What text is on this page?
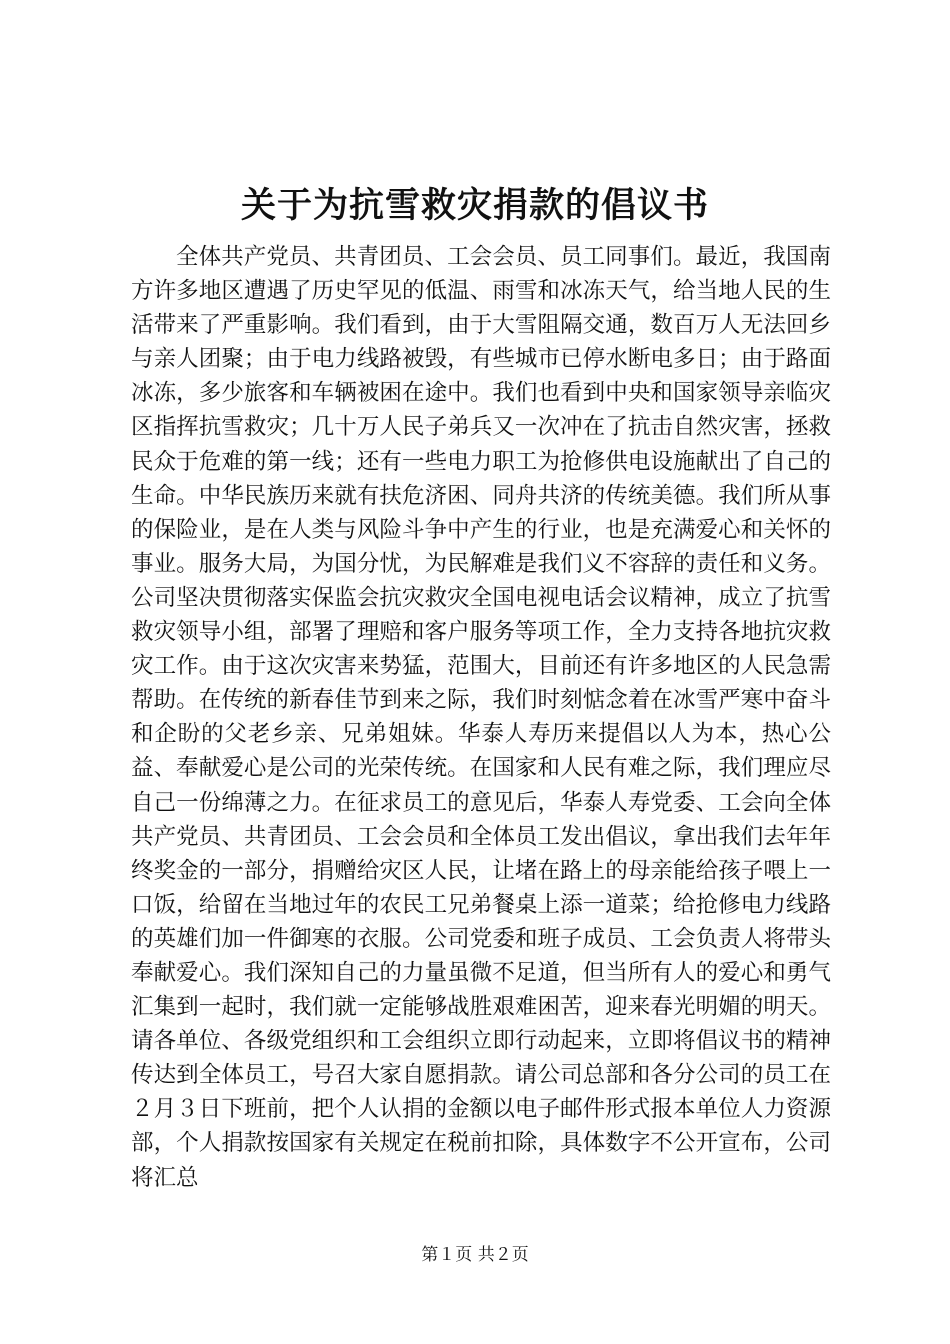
关于为抗雪救灾捐款的倡议书

全体共产党员、共青团员、工会会员、员工同事们。最近，我国南方许多地区遭遇了历史罕见的低温、雨雪和冰冻天气，给当地人民的生活带来了严重影响。我们看到，由于大雪阻隔交通，数百万人无法回乡与亲人团聚；由于电力线路被毁，有些城市已停水断电多日；由于路面冰冻，多少旅客和车辆被困在途中。我们也看到中央和国家领导亲临灾区指挥抗雪救灾；几十万人民子弟兵又一次冲在了抗击自然灾害，拯救民众于危难的第一线；还有一些电力职工为抢修供电设施献出了自己的生命。中华民族历来就有扶危济困、同舟共济的传统美德。我们所从事的保险业，是在人类与风险斗争中产生的行业，也是充满爱心和关怀的事业。服务大局，为国分忧，为民解难是我们义不容辞的责任和义务。公司坚决贯彻落实保监会抗灾救灾全国电视电话会议精神，成立了抗雪救灾领导小组，部署了理赔和客户服务等项工作，全力支持各地抗灾救灾工作。由于这次灾害来势猛，范围大，目前还有许多地区的人民急需帮助。在传统的新春佳节到来之际，我们时刻惦念着在冰雪严寒中奋斗和企盼的父老乡亲、兄弟姐妹。华泰人寿历来提倡以人为本，热心公益、奉献爱心是公司的光荣传统。在国家和人民有难之际，我们理应尽自己一份绵薄之力。在征求员工的意见后，华泰人寿党委、工会向全体共产党员、共青团员、工会会员和全体员工发出倡议，拿出我们去年年终奖金的一部分，捐赠给灾区人民，让堵在路上的母亲能给孩子喂上一口饭，给留在当地过年的农民工兄弟餐桌上添一道菜；给抢修电力线路的英雄们加一件御寒的衣服。公司党委和班子成员、工会负责人将带头奉献爱心。我们深知自己的力量虽微不足道，但当所有人的爱心和勇气汇集到一起时，我们就一定能够战胜艰难困苦，迎来春光明媚的明天。请各单位、各级党组织和工会组织立即行动起来，立即将倡议书的精神传达到全体员工，号召大家自愿捐款。请公司总部和各分公司的员工在２月３日下班前，把个人认捐的金额以电子邮件形式报本单位人力资源部，个人捐款按国家有关规定在税前扣除，具体数字不公开宣布，公司将汇总

第１页 共２页
